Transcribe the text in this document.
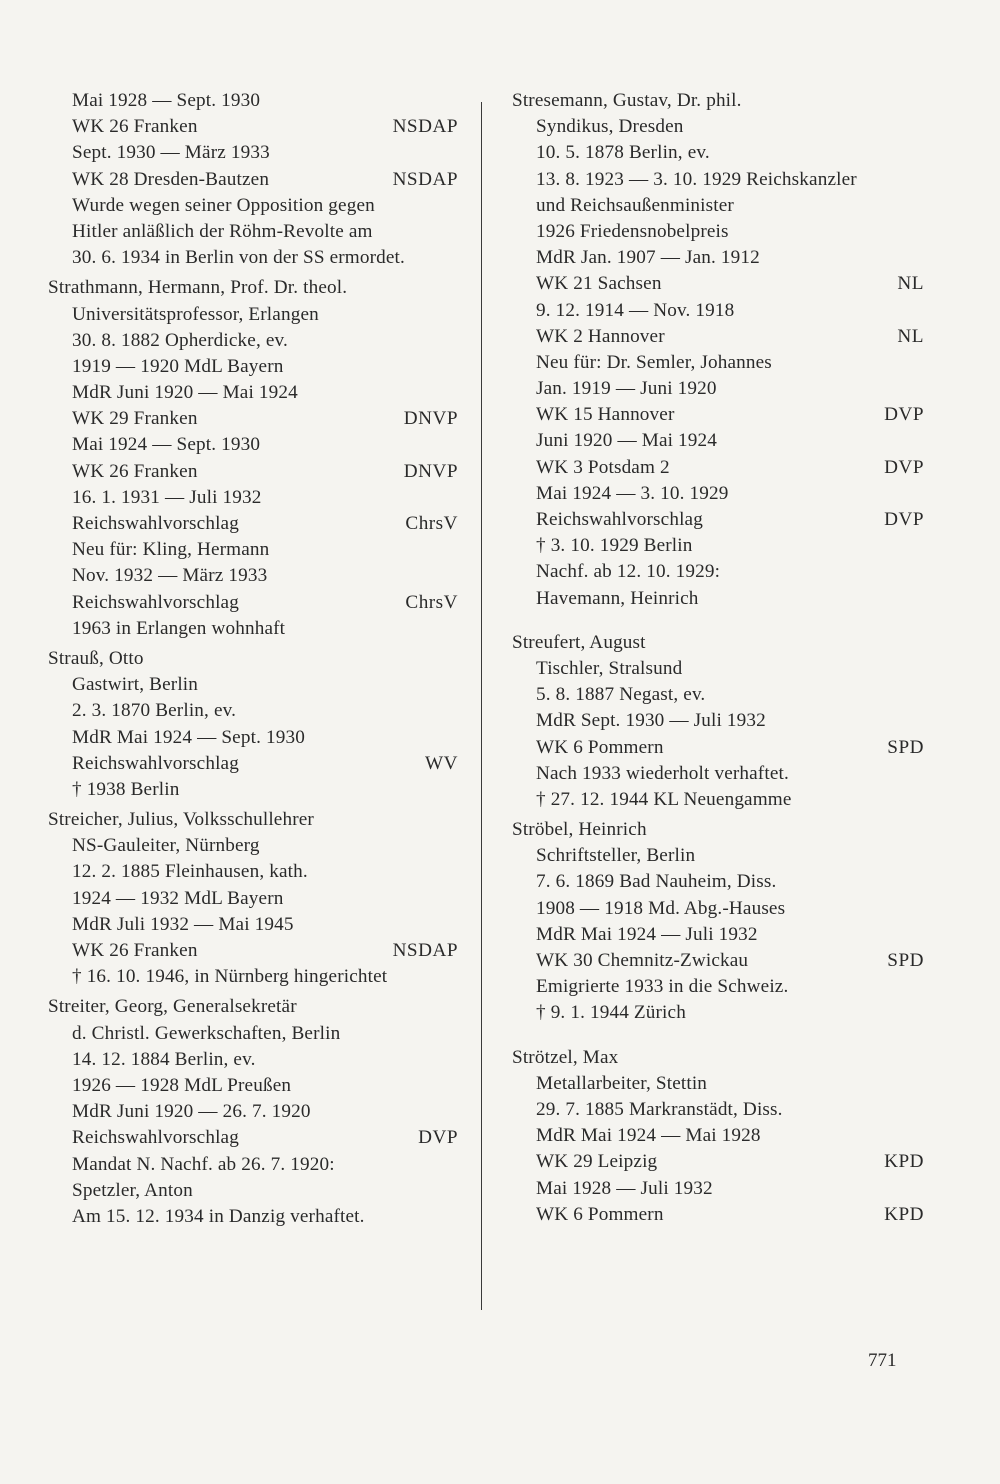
Mai 1928 — Sept. 1930
WK 26 Franken	NSDAP
Sept. 1930 — März 1933
WK 28 Dresden-Bautzen	NSDAP
Wurde wegen seiner Opposition gegen
Hitler anläßlich der Röhm-Revolte am
30. 6. 1934 in Berlin von der SS ermordet.
Strathmann, Hermann, Prof. Dr. theol.
Universitätsprofessor, Erlangen
30. 8. 1882 Opherdicke, ev.
1919 — 1920 MdL Bayern
MdR Juni 1920 — Mai 1924
WK 29 Franken	DNVP
Mai 1924 — Sept. 1930
WK 26 Franken	DNVP
16. 1. 1931 — Juli 1932
Reichswahlvorschlag	ChrsV
Neu für: Kling, Hermann
Nov. 1932 — März 1933
Reichswahlvorschlag	ChrsV
1963 in Erlangen wohnhaft
Strauß, Otto
Gastwirt, Berlin
2. 3. 1870 Berlin, ev.
MdR Mai 1924 — Sept. 1930
Reichswahlvorschlag	WV
† 1938 Berlin
Streicher, Julius, Volksschullehrer
NS-Gauleiter, Nürnberg
12. 2. 1885 Fleinhausen, kath.
1924 — 1932 MdL Bayern
MdR Juli 1932 — Mai 1945
WK 26 Franken	NSDAP
† 16. 10. 1946, in Nürnberg hingerichtet
Streiter, Georg, Generalsekretär
d. Christl. Gewerkschaften, Berlin
14. 12. 1884 Berlin, ev.
1926 — 1928 MdL Preußen
MdR Juni 1920 — 26. 7. 1920
Reichswahlvorschlag	DVP
Mandat N. Nachf. ab 26. 7. 1920:
Spetzler, Anton
Am 15. 12. 1934 in Danzig verhaftet.
Stresemann, Gustav, Dr. phil.
Syndikus, Dresden
10. 5. 1878 Berlin, ev.
13. 8. 1923 — 3. 10. 1929 Reichskanzler
und Reichsaußenminister
1926 Friedensnobelpreis
MdR Jan. 1907 — Jan. 1912
WK 21 Sachsen	NL
9. 12. 1914 — Nov. 1918
WK 2 Hannover	NL
Neu für: Dr. Semler, Johannes
Jan. 1919 — Juni 1920
WK 15 Hannover	DVP
Juni 1920 — Mai 1924
WK 3 Potsdam 2	DVP
Mai 1924 — 3. 10. 1929
Reichswahlvorschlag	DVP
† 3. 10. 1929 Berlin
Nachf. ab 12. 10. 1929:
Havemann, Heinrich
Streufert, August
Tischler, Stralsund
5. 8. 1887 Negast, ev.
MdR Sept. 1930 — Juli 1932
WK 6 Pommern	SPD
Nach 1933 wiederholt verhaftet.
† 27. 12. 1944 KL Neuengamme
Ströbel, Heinrich
Schriftsteller, Berlin
7. 6. 1869 Bad Nauheim, Diss.
1908 — 1918 Md. Abg.-Hauses
MdR Mai 1924 — Juli 1932
WK 30 Chemnitz-Zwickau	SPD
Emigrierte 1933 in die Schweiz.
† 9. 1. 1944 Zürich
Strötzel, Max
Metallarbeiter, Stettin
29. 7. 1885 Markranstädt, Diss.
MdR Mai 1924 — Mai 1928
WK 29 Leipzig	KPD
Mai 1928 — Juli 1932
WK 6 Pommern	KPD
771
